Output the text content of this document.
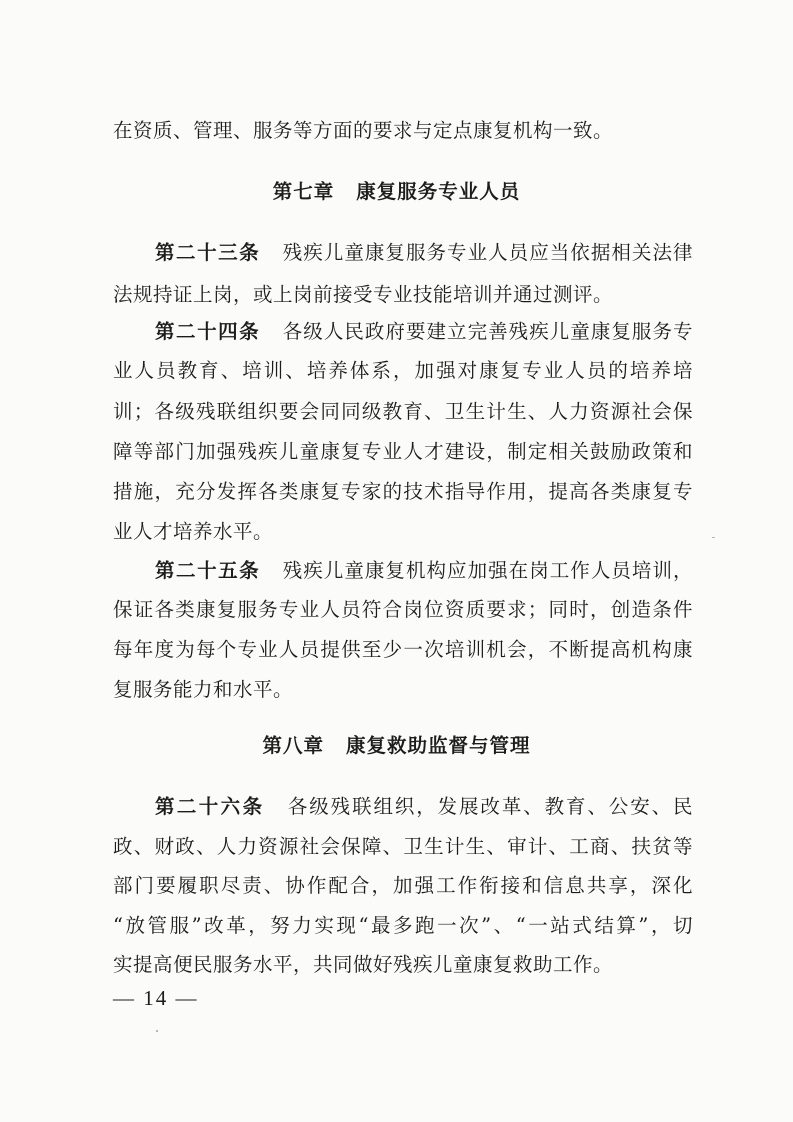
在资质、管理、服务等方面的要求与定点康复机构一致。
第七章 康复服务专业人员
第二十三条 残疾儿童康复服务专业人员应当依据相关法律
法规持证上岗，或上岗前接受专业技能培训并通过测评。
第二十四条 各级人民政府要建立完善残疾儿童康复服务专
业人员教育、培训、培养体系，加强对康复专业人员的培养培
训；各级残联组织要会同同级教育、卫生计生、人力资源社会保
障等部门加强残疾儿童康复专业人才建设，制定相关鼓励政策和
措施，充分发挥各类康复专家的技术指导作用，提高各类康复专
业人才培养水平。
第二十五条 残疾儿童康复机构应加强在岗工作人员培训，
保证各类康复服务专业人员符合岗位资质要求；同时，创造条件
每年度为每个专业人员提供至少一次培训机会，不断提高机构康
复服务能力和水平。
第八章 康复救助监督与管理
第二十六条 各级残联组织，发展改革、教育、公安、民
政、财政、人力资源社会保障、卫生计生、审计、工商、扶贫等
部门要履职尽责、协作配合，加强工作衔接和信息共享，深化
“放管服”改革，努力实现“最多跑一次”、“一站式结算”，切
实提高便民服务水平，共同做好残疾儿童康复救助工作。
— 14 —
